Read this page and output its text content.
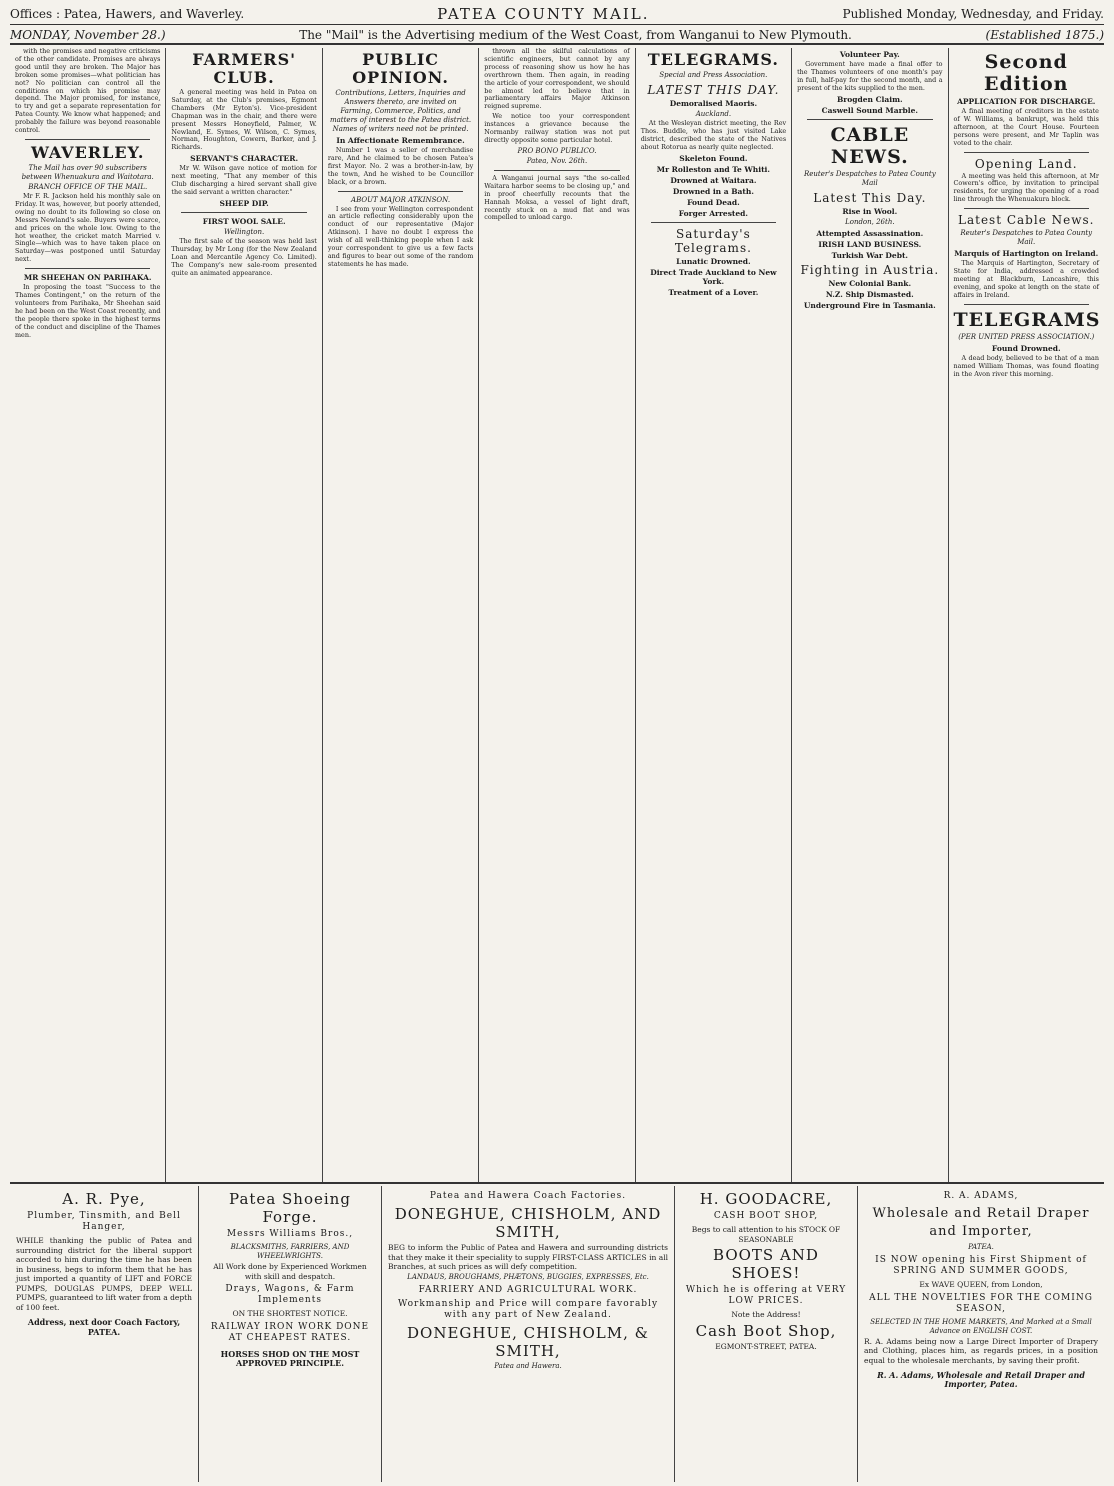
Offices : Patea, Hawers, and Waverley.	PATEA COUNTY MAIL.	Published Monday, Wednesday, and Friday.
MONDAY, November 28.)	The "Mail" is the Advertising medium of the West Coast, from Wanganui to New Plymouth.	(Established 1875.)

with the promises and negative criticisms of the other candidate. Promises are always good until they are broken. The Major has broken some promises—what politician has not? No politician can control all the conditions on which his promise may depend. The Major promised, for instance, to try and get a separate representation for Patea County. We know what happened; and probably the failure was beyond reasonable control.

WAVERLEY.
The Mail has over 90 subscribers between Whenuakura and Waitotara.
BRANCH OFFICE OF THE MAIL.

Mr F. R. Jackson held his monthly sale on Friday. It was, however, but poorly attended, owing no doubt to its following so close on Messrs Newland's sale. Buyers were scarce, and prices on the whole low. Owing to the hot weather, the cricket match Married v. Single—which was to have taken place on Saturday—was postponed until Saturday next.

MR SHEEHAN ON PARIHAKA.

In proposing the toast "Success to the Thames Contingent," on the return of the volunteers from Parihaka, Mr Sheehan said he had been on the West Coast recently, and the people there spoke in the highest terms of the conduct and discipline of the Thames men.

FARMERS' CLUB.

A general meeting was held in Patea on Saturday, at the Club's premises, Egmont Chambers (Mr Eyton's). Vice-president Chapman was in the chair, and there were present Messrs Honeyfield, Palmer, W. Newland, E. Symes, W. Wilson, C. Symes, Norman, Houghton, Cowern, Barker, and J. Richards.

SERVANT'S CHARACTER.

Mr W. Wilson gave notice of motion for next meeting, "That any member of this Club discharging a hired servant shall give the said servant a written character."

SHEEP DIP.
FIRST WOOL SALE.
Wellington.

The first sale of the season was held last Thursday, by Mr Long (for the New Zealand Loan and Mercantile Agency Co. Limited). The Company's new sale-room presented quite an animated appearance.

PUBLIC OPINION.
Contributions, Letters, Inquiries and Answers thereto, are invited on Farming, Commerce, Politics, and matters of interest to the Patea district. Names of writers need not be printed.
In Affectionate Remembrance.

Number 1 was a seller of merchandise rare, And he claimed to be chosen Patea's first Mayor. No. 2 was a brother-in-law, by the town, And he wished to be Councillor black, or a brown.

ABOUT MAJOR ATKINSON.

I see from your Wellington correspondent an article reflecting considerably upon the conduct of our representative (Major Atkinson). I have no doubt I express the wish of all well-thinking people when I ask your correspondent to give us a few facts and figures to bear out some of the random statements he has made.

thrown all the skilful calculations of scientific engineers, but cannot by any process of reasoning show us how he has overthrown them. Then again, in reading the article of your correspondent, we should be almost led to believe that in parliamentary affairs Major Atkinson reigned supreme.

We notice too your correspondent instances a grievance because the Normanby railway station was not put directly opposite some particular hotel.

PRO BONO PUBLICO.
Patea, Nov. 26th.

A Wanganui journal says "the so-called Waitara harbor seems to be closing up," and in proof cheerfully recounts that the Hannah Moksa, a vessel of light draft, recently stuck on a mud flat and was compelled to unload cargo.

TELEGRAMS.
Special and Press Association.
LATEST THIS DAY.
Demoralised Maoris.
Auckland.

At the Wesleyan district meeting, the Rev Thos. Buddle, who has just visited Lake district, described the state of the Natives about Rotorua as nearly quite neglected.

Skeleton Found.
Mr Rolleston and Te Whiti.
Drowned at Waitara.
Drowned in a Bath.
Found Dead.
Forger Arrested.
Saturday's Telegrams.
Lunatic Drowned.
Direct Trade Auckland to New York.
Treatment of a Lover.
Volunteer Pay.

Government have made a final offer to the Thames volunteers of one month's pay in full, half-pay for the second month, and a present of the kits supplied to the men.

Brogden Claim.
Caswell Sound Marble.
CABLE NEWS.
Reuter's Despatches to Patea County Mail
Latest This Day.
Rise in Wool.
London, 26th.
Attempted Assassination.
IRISH LAND BUSINESS.
Turkish War Debt.
Fighting in Austria.
New Colonial Bank.
N.Z. Ship Dismasted.
Underground Fire in Tasmania.
Second Edition
APPLICATION FOR DISCHARGE.

A final meeting of creditors in the estate of W. Williams, a bankrupt, was held this afternoon, at the Court House. Fourteen persons were present, and Mr Taplin was voted to the chair.

Opening Land.

A meeting was held this afternoon, at Mr Cowern's office, by invitation to principal residents, for urging the opening of a road line through the Whenuakura block.

Latest Cable News.
Reuter's Despatches to Patea County Mail.
Marquis of Hartington on Ireland.

The Marquis of Hartington, Secretary of State for India, addressed a crowded meeting at Blackburn, Lancashire, this evening, and spoke at length on the state of affairs in Ireland.

TELEGRAMS
(PER UNITED PRESS ASSOCIATION.)
Found Drowned.

A dead body, believed to be that of a man named William Thomas, was found floating in the Avon river this morning.

A. R. Pye,
Plumber, Tinsmith, and Bell Hanger,
WHILE thanking the public of Patea and surrounding district for the liberal support accorded to him during the time he has been in business, begs to inform them that he has just imported a quantity of LIFT and FORCE PUMPS, DOUGLAS PUMPS, DEEP WELL PUMPS, guaranteed to lift water from a depth of 100 feet.
Address, next door Coach Factory, PATEA.
Patea Shoeing Forge.
Messrs Williams Bros.,
BLACKSMITHS, FARRIERS, AND WHEELWRIGHTS.
All Work done by Experienced Workmen with skill and despatch.
Drays, Wagons, & Farm Implements
ON THE SHORTEST NOTICE.
RAILWAY IRON WORK DONE AT CHEAPEST RATES.
HORSES SHOD ON THE MOST APPROVED PRINCIPLE.
Patea and Hawera Coach Factories.
DONEGHUE, CHISHOLM, AND SMITH,
BEG to inform the Public of Patea and Hawera and surrounding districts that they make it their speciality to supply FIRST-CLASS ARTICLES in all Branches, at such prices as will defy competition.
LANDAUS, BROUGHAMS, PHÆTONS, BUGGIES, EXPRESSES, Etc.
FARRIERY AND AGRICULTURAL WORK.
Workmanship and Price will compare favorably with any part of New Zealand.
DONEGHUE, CHISHOLM, & SMITH,
Patea and Hawera.
H. GOODACRE,
CASH BOOT SHOP,
Begs to call attention to his STOCK OF SEASONABLE
BOOTS AND SHOES!
Which he is offering at VERY LOW PRICES.
Note the Address!
Cash Boot Shop,
EGMONT-STREET, PATEA.
R. A. ADAMS,
Wholesale and Retail Draper and Importer,
PATEA.
IS NOW opening his First Shipment of SPRING AND SUMMER GOODS,
Ex WAVE QUEEN, from London,
ALL THE NOVELTIES FOR THE COMING SEASON,
SELECTED IN THE HOME MARKETS, And Marked at a Small Advance on ENGLISH COST.
R. A. Adams being now a Large Direct Importer of Drapery and Clothing, places him, as regards prices, in a position equal to the wholesale merchants, by saving their profit.
R. A. Adams, Wholesale and Retail Draper and Importer, Patea.
